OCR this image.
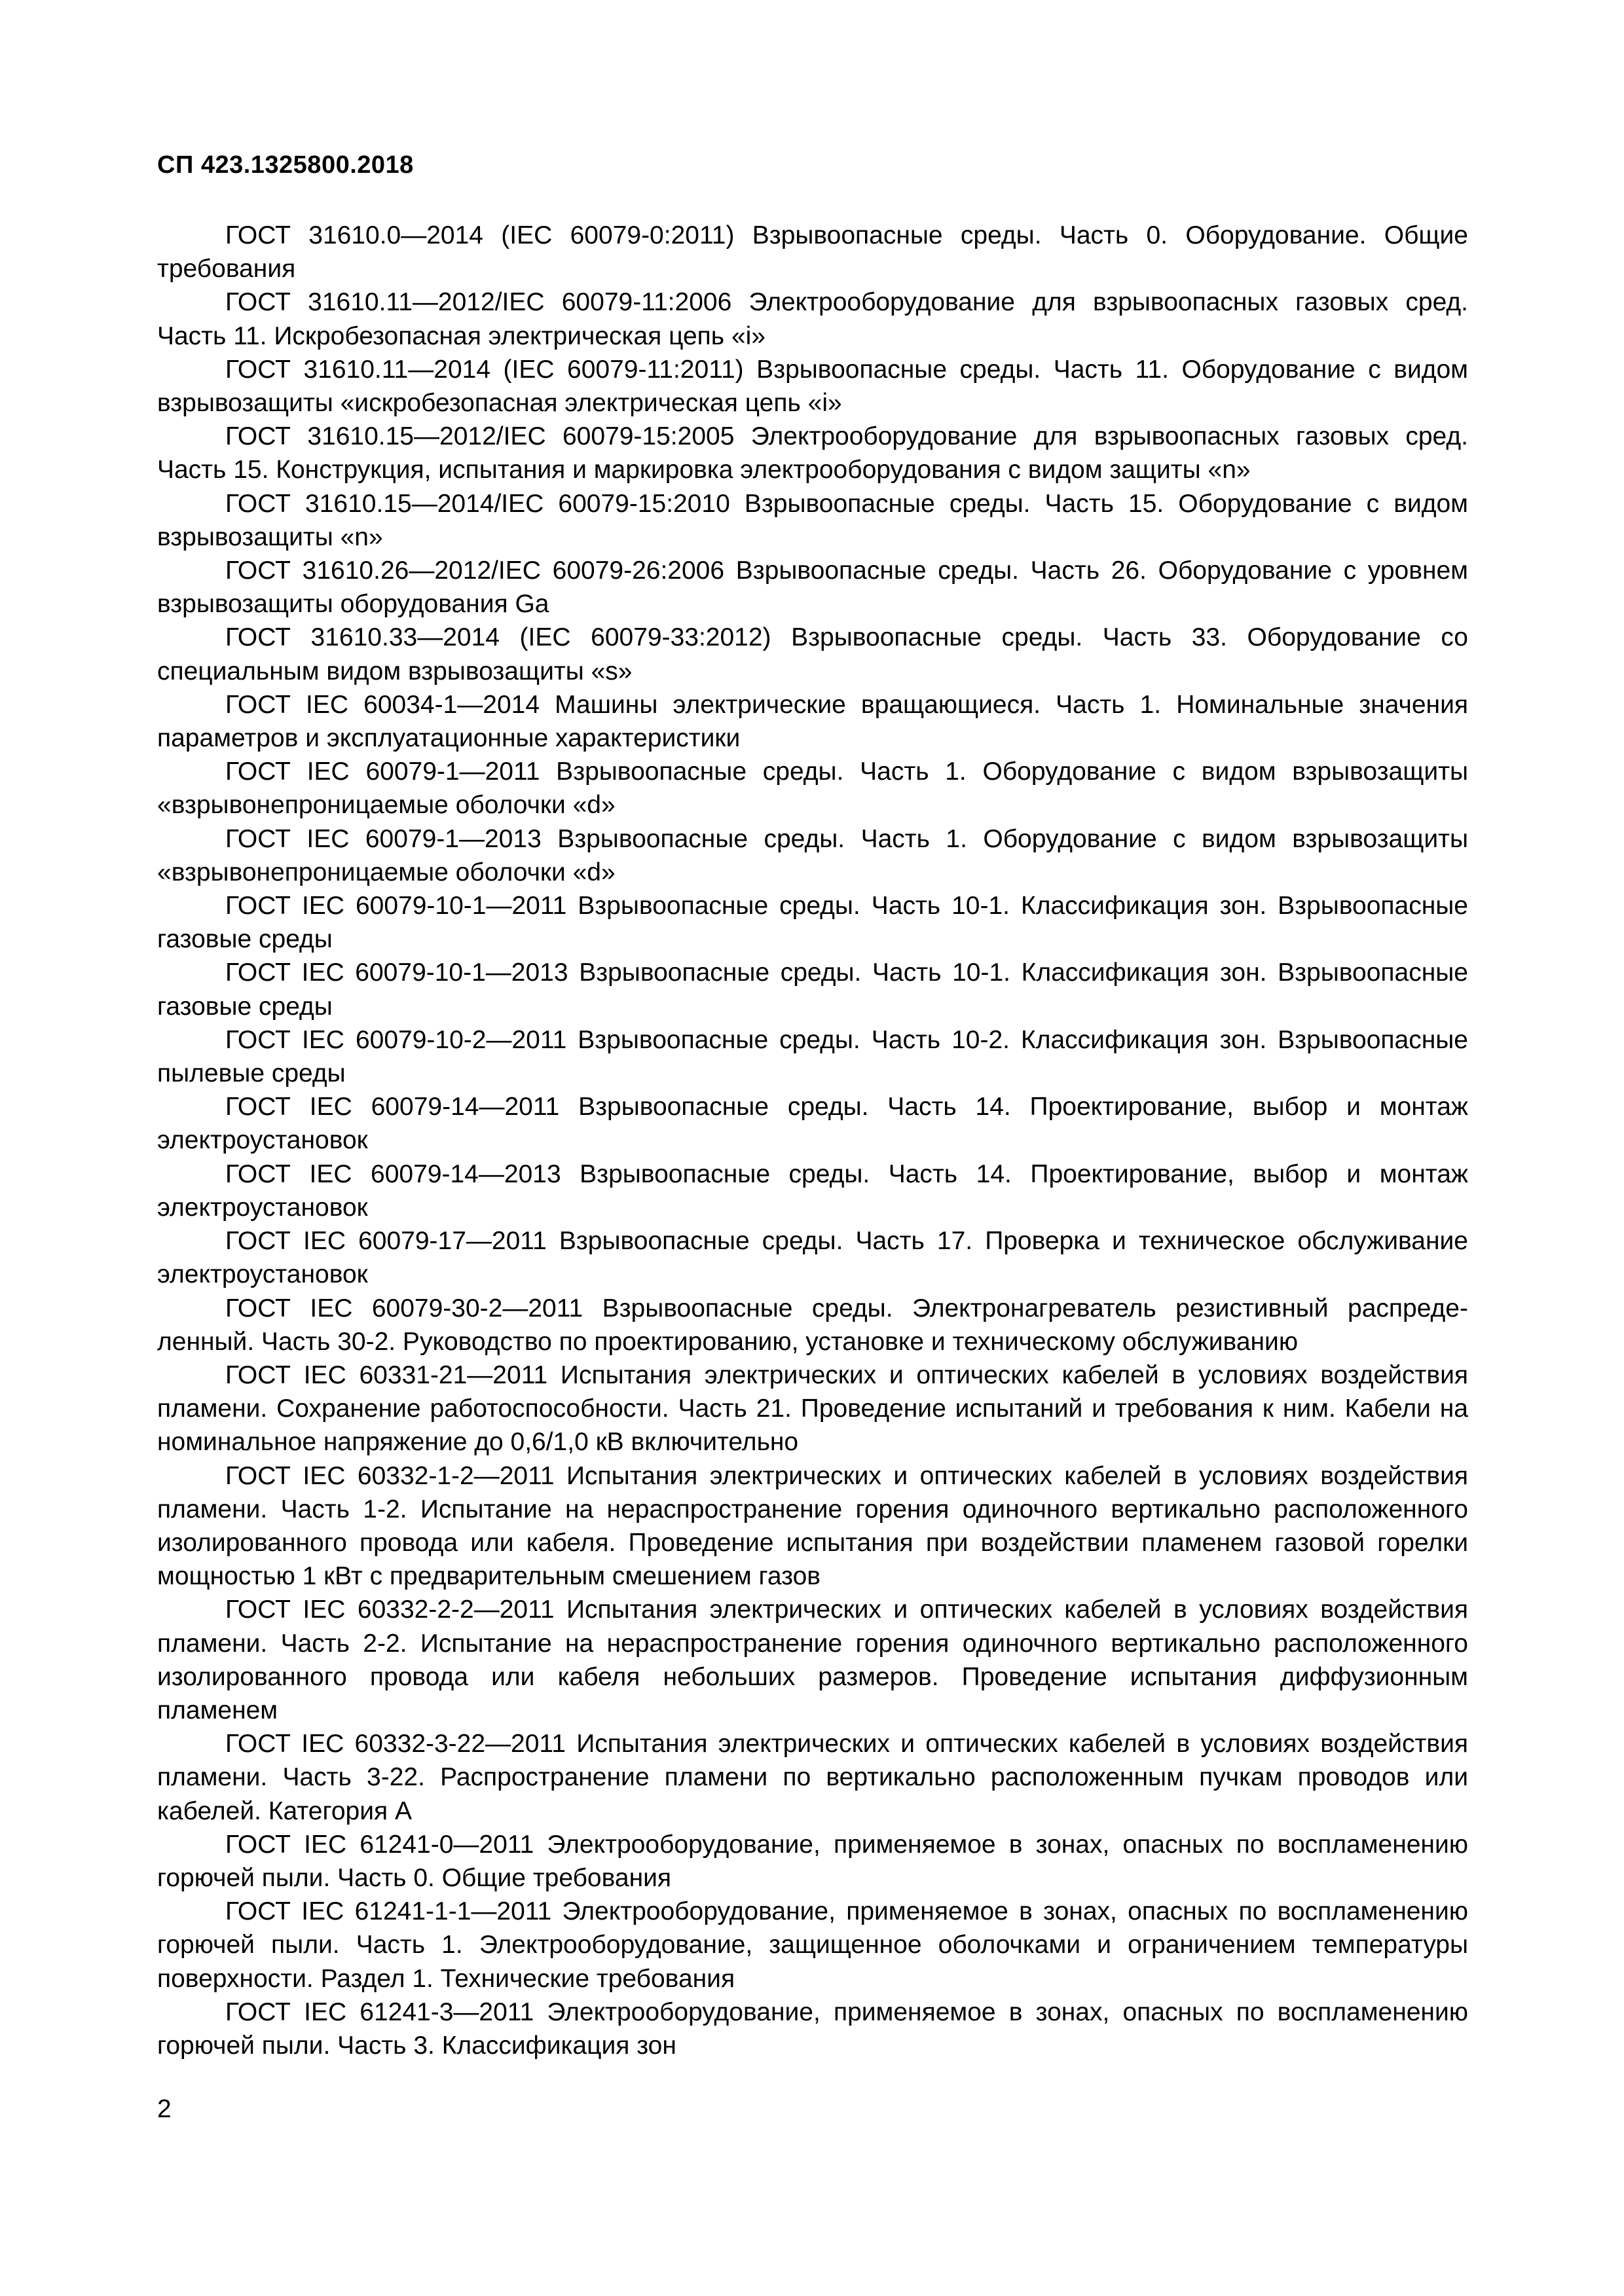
СП 423.1325800.2018

ГОСТ 31610.0—2014 (IEC 60079-0:2011) Взрывоопасные среды. Часть 0. Оборудование. Общие требования

ГОСТ 31610.11—2012/IEC 60079-11:2006 Электрооборудование для взрывоопасных газовых сред. Часть 11. Искробезопасная электрическая цепь «i»

ГОСТ 31610.11—2014 (IEC 60079-11:2011) Взрывоопасные среды. Часть 11. Оборудование с видом взрывозащиты «искробезопасная электрическая цепь «i»

ГОСТ 31610.15—2012/IEC 60079-15:2005 Электрооборудование для взрывоопасных газовых сред. Часть 15. Конструкция, испытания и маркировка электрооборудования с видом защиты «n»

ГОСТ 31610.15—2014/IEC 60079-15:2010 Взрывоопасные среды. Часть 15. Оборудование с видом взрывозащиты «n»

ГОСТ 31610.26—2012/IEC 60079-26:2006 Взрывоопасные среды. Часть 26. Оборудование с уровнем взрывозащиты оборудования Ga

ГОСТ 31610.33—2014 (IEC 60079-33:2012) Взрывоопасные среды. Часть 33. Оборудование со специальным видом взрывозащиты «s»

ГОСТ IEC 60034-1—2014 Машины электрические вращающиеся. Часть 1. Номинальные значения параметров и эксплуатационные характеристики

ГОСТ IEC 60079-1—2011 Взрывоопасные среды. Часть 1. Оборудование с видом взрывозащиты «взрывонепроницаемые оболочки «d»

ГОСТ IEC 60079-1—2013 Взрывоопасные среды. Часть 1. Оборудование с видом взрывозащиты «взрывонепроницаемые оболочки «d»

ГОСТ IEC 60079-10-1—2011 Взрывоопасные среды. Часть 10-1. Классификация зон. Взрывоопасные газовые среды

ГОСТ IEC 60079-10-1—2013 Взрывоопасные среды. Часть 10-1. Классификация зон. Взрывоопасные газовые среды

ГОСТ IEC 60079-10-2—2011 Взрывоопасные среды. Часть 10-2. Классификация зон. Взрывоопасные пылевые среды

ГОСТ IEC 60079-14—2011 Взрывоопасные среды. Часть 14. Проектирование, выбор и монтаж электроустановок

ГОСТ IEC 60079-14—2013 Взрывоопасные среды. Часть 14. Проектирование, выбор и монтаж электроустановок

ГОСТ IEC 60079-17—2011 Взрывоопасные среды. Часть 17. Проверка и техническое обслуживание электроустановок

ГОСТ IEC 60079-30-2—2011 Взрывоопасные среды. Электронагреватель резистивный распределенный. Часть 30-2. Руководство по проектированию, установке и техническому обслуживанию

ГОСТ IEC 60331-21—2011 Испытания электрических и оптических кабелей в условиях воздействия пламени. Сохранение работоспособности. Часть 21. Проведение испытаний и требования к ним. Кабели на номинальное напряжение до 0,6/1,0 кВ включительно

ГОСТ IEC 60332-1-2—2011 Испытания электрических и оптических кабелей в условиях воздействия пламени. Часть 1-2. Испытание на нераспространение горения одиночного вертикально расположенного изолированного провода или кабеля. Проведение испытания при воздействии пламенем газовой горелки мощностью 1 кВт с предварительным смешением газов

ГОСТ IEC 60332-2-2—2011 Испытания электрических и оптических кабелей в условиях воздействия пламени. Часть 2-2. Испытание на нераспространение горения одиночного вертикально расположенного изолированного провода или кабеля небольших размеров. Проведение испытания диффузионным пламенем

ГОСТ IEC 60332-3-22—2011 Испытания электрических и оптических кабелей в условиях воздействия пламени. Часть 3-22. Распространение пламени по вертикально расположенным пучкам проводов или кабелей. Категория А

ГОСТ IEC 61241-0—2011 Электрооборудование, применяемое в зонах, опасных по воспламенению горючей пыли. Часть 0. Общие требования

ГОСТ IEC 61241-1-1—2011 Электрооборудование, применяемое в зонах, опасных по воспламенению горючей пыли. Часть 1. Электрооборудование, защищенное оболочками и ограничением температуры поверхности. Раздел 1. Технические требования

ГОСТ IEC 61241-3—2011 Электрооборудование, применяемое в зонах, опасных по воспламенению горючей пыли. Часть 3. Классификация зон

2
